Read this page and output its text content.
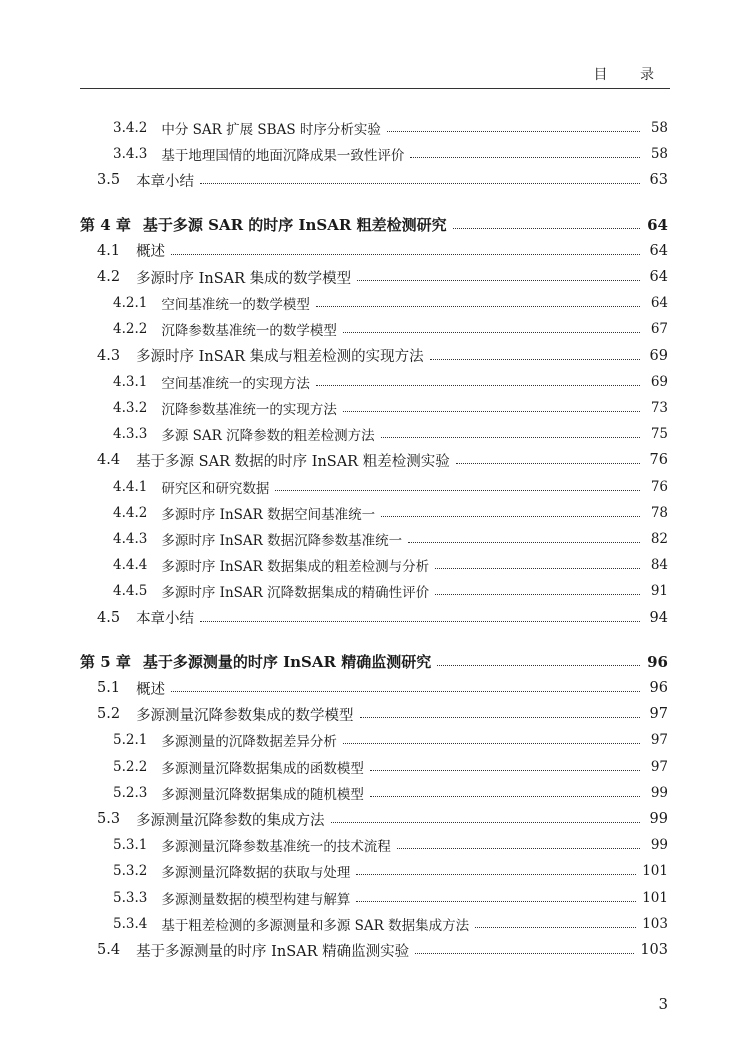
目 录
3.4.2 中分 SAR 扩展 SBAS 时序分析实验	58
3.4.3 基于地理国情的地面沉降成果一致性评价	58
3.5 本章小结	63
第 4 章 基于多源 SAR 的时序 InSAR 粗差检测研究	64
4.1 概述	64
4.2 多源时序 InSAR 集成的数学模型	64
4.2.1 空间基准统一的数学模型	64
4.2.2 沉降参数基准统一的数学模型	67
4.3 多源时序 InSAR 集成与粗差检测的实现方法	69
4.3.1 空间基准统一的实现方法	69
4.3.2 沉降参数基准统一的实现方法	73
4.3.3 多源 SAR 沉降参数的粗差检测方法	75
4.4 基于多源 SAR 数据的时序 InSAR 粗差检测实验	76
4.4.1 研究区和研究数据	76
4.4.2 多源时序 InSAR 数据空间基准统一	78
4.4.3 多源时序 InSAR 数据沉降参数基准统一	82
4.4.4 多源时序 InSAR 数据集成的粗差检测与分析	84
4.4.5 多源时序 InSAR 沉降数据集成的精确性评价	91
4.5 本章小结	94
第 5 章 基于多源测量的时序 InSAR 精确监测研究	96
5.1 概述	96
5.2 多源测量沉降参数集成的数学模型	97
5.2.1 多源测量的沉降数据差异分析	97
5.2.2 多源测量沉降数据集成的函数模型	97
5.2.3 多源测量沉降数据集成的随机模型	99
5.3 多源测量沉降参数的集成方法	99
5.3.1 多源测量沉降参数基准统一的技术流程	99
5.3.2 多源测量沉降数据的获取与处理	101
5.3.3 多源测量数据的模型构建与解算	101
5.3.4 基于粗差检测的多源测量和多源 SAR 数据集成方法	103
5.4 基于多源测量的时序 InSAR 精确监测实验	103
3
